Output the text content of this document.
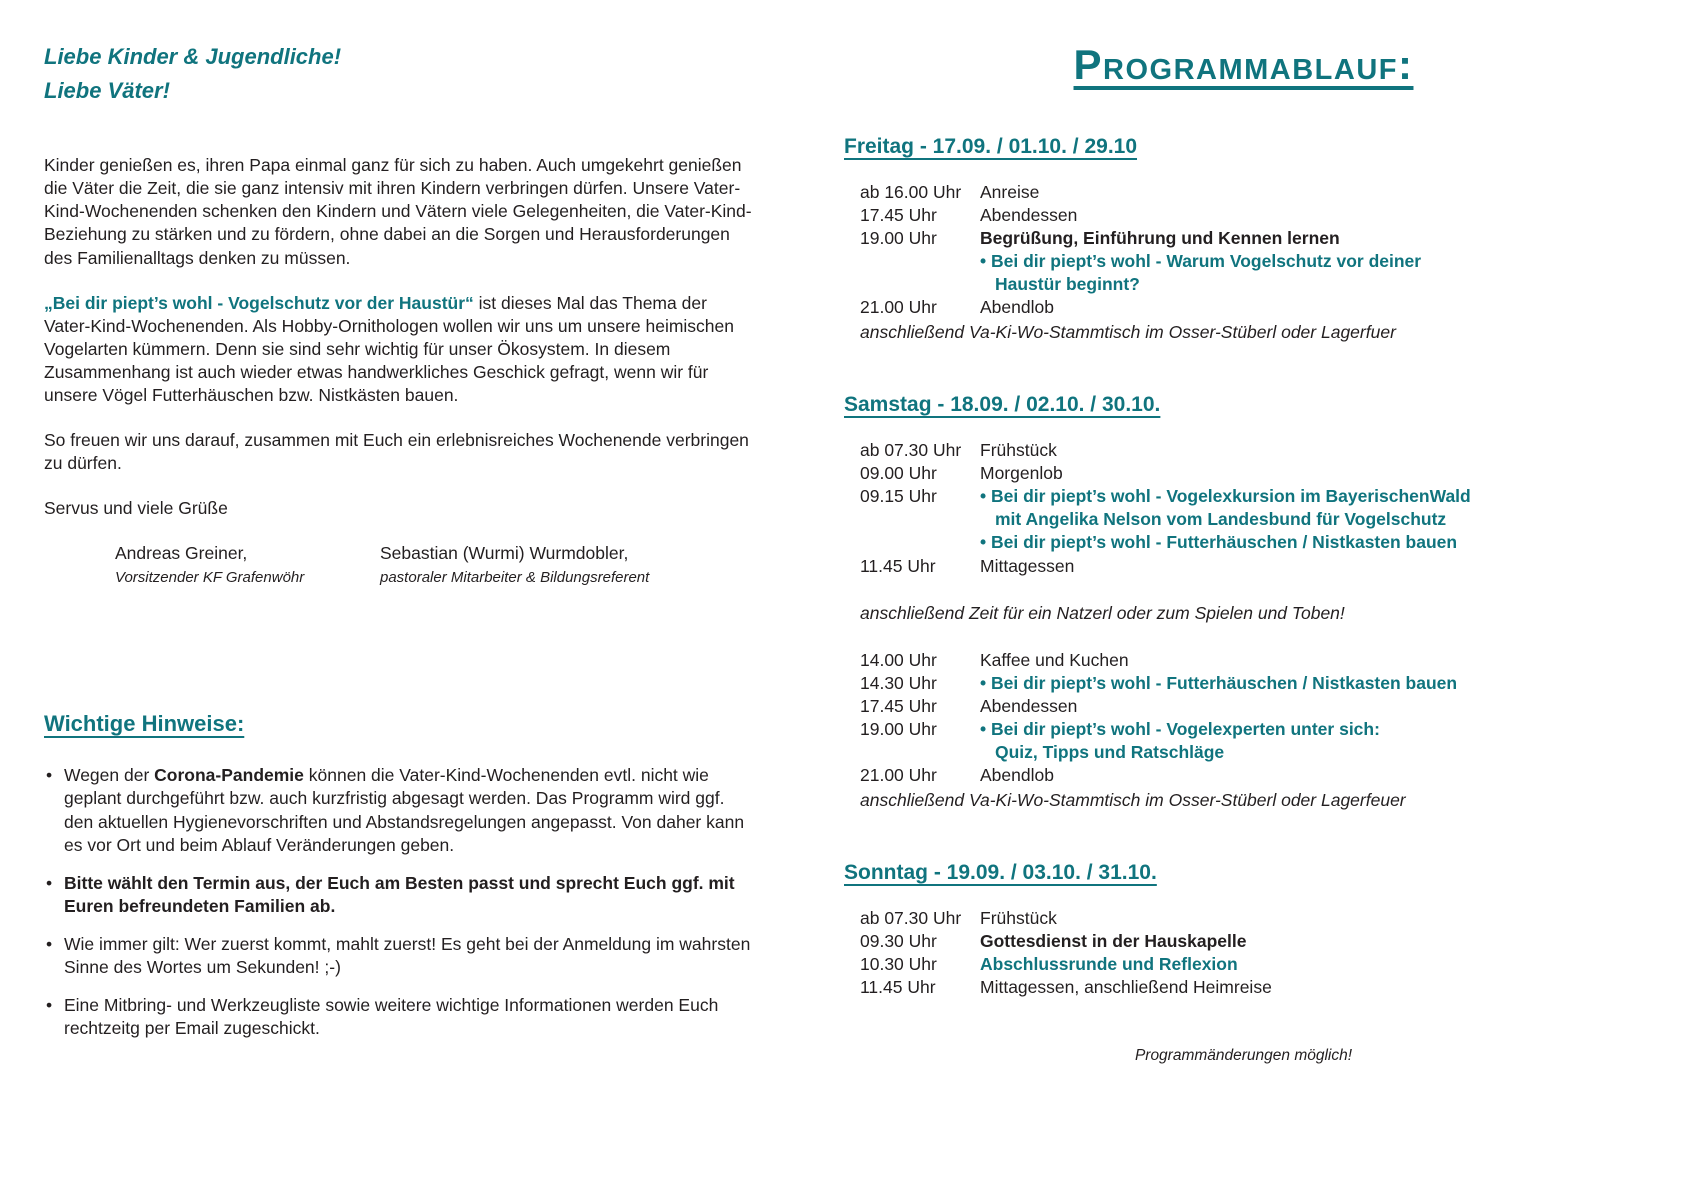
Liebe Kinder & Jugendliche!
Liebe Väter!

Kinder genießen es, ihren Papa einmal ganz für sich zu haben. Auch umgekehrt genießen die Väter die Zeit, die sie ganz intensiv mit ihren Kindern verbringen dürfen. Unsere Vater-Kind-Wochenenden schenken den Kindern und Vätern viele Gelegenheiten, die Vater-Kind-Beziehung zu stärken und zu fördern, ohne dabei an die Sorgen und Herausforderungen des Familienalltags denken zu müssen.

„Bei dir piept’s wohl - Vogelschutz vor der Haustür“ ist dieses Mal das Thema der Vater-Kind-Wochenenden. Als Hobby-Ornithologen wollen wir uns um unsere heimischen Vogelarten kümmern. Denn sie sind sehr wichtig für unser Ökosystem. In diesem Zusammenhang ist auch wieder etwas handwerkliches Geschick gefragt, wenn wir für unsere Vögel Futterhäuschen bzw. Nistkästen bauen.

So freuen wir uns darauf, zusammen mit Euch ein erlebnisreiches Wochenende verbringen zu dürfen.

Servus und viele Grüße

Andreas Greiner,
Vorsitzender KF Grafenwöhr
Sebastian (Wurmi) Wurmdobler,
pastoraler Mitarbeiter & Bildungsreferent
Wichtige Hinweise:
• Wegen der Corona-Pandemie können die Vater-Kind-Wochenenden evtl. nicht wie geplant durchgeführt bzw. auch kurzfristig abgesagt werden. Das Programm wird ggf. den aktuellen Hygienevorschriften und Abstandsregelungen angepasst. Von daher kann es vor Ort und beim Ablauf Veränderungen geben.
• Bitte wählt den Termin aus, der Euch am Besten passt und sprecht Euch ggf. mit Euren befreundeten Familien ab.
• Wie immer gilt: Wer zuerst kommt, mahlt zuerst! Es geht bei der Anmeldung im wahrsten Sinne des Wortes um Sekunden! ;-)
• Eine Mitbring- und Werkzeugliste sowie weitere wichtige Informationen werden Euch rechtzeitg per Email zugeschickt.
Programmablauf:
Freitag - 17.09. / 01.10. / 29.10
ab 16.00 Uhr	Anreise
17.45 Uhr	Abendessen
19.00 Uhr	Begrüßung, Einführung und Kennen lernen
• Bei dir piept’s wohl - Warum Vogelschutz vor deiner
Haustür beginnt?
21.00 Uhr	Abendlob
anschließend Va-Ki-Wo-Stammtisch im Osser-Stüberl oder Lagerfuer
Samstag - 18.09. / 02.10. / 30.10.
ab 07.30 Uhr	Frühstück
09.00 Uhr	Morgenlob
09.15 Uhr	• Bei dir piept’s wohl - Vogelexkursion im BayerischenWald
mit Angelika Nelson vom Landesbund für Vogelschutz
• Bei dir piept’s wohl - Futterhäuschen / Nistkasten bauen
11.45 Uhr	Mittagessen
anschließend Zeit für ein Natzerl oder zum Spielen und Toben!
14.00 Uhr	Kaffee und Kuchen
14.30 Uhr	• Bei dir piept’s wohl - Futterhäuschen / Nistkasten bauen
17.45 Uhr	Abendessen
19.00 Uhr	• Bei dir piept’s wohl - Vogelexperten unter sich:
Quiz, Tipps und Ratschläge
21.00 Uhr	Abendlob
anschließend Va-Ki-Wo-Stammtisch im Osser-Stüberl oder Lagerfeuer
Sonntag - 19.09. / 03.10. / 31.10.
ab 07.30 Uhr	Frühstück
09.30 Uhr	Gottesdienst in der Hauskapelle
10.30 Uhr	Abschlussrunde und Reflexion
11.45 Uhr	Mittagessen, anschließend Heimreise
Programmänderungen möglich!
